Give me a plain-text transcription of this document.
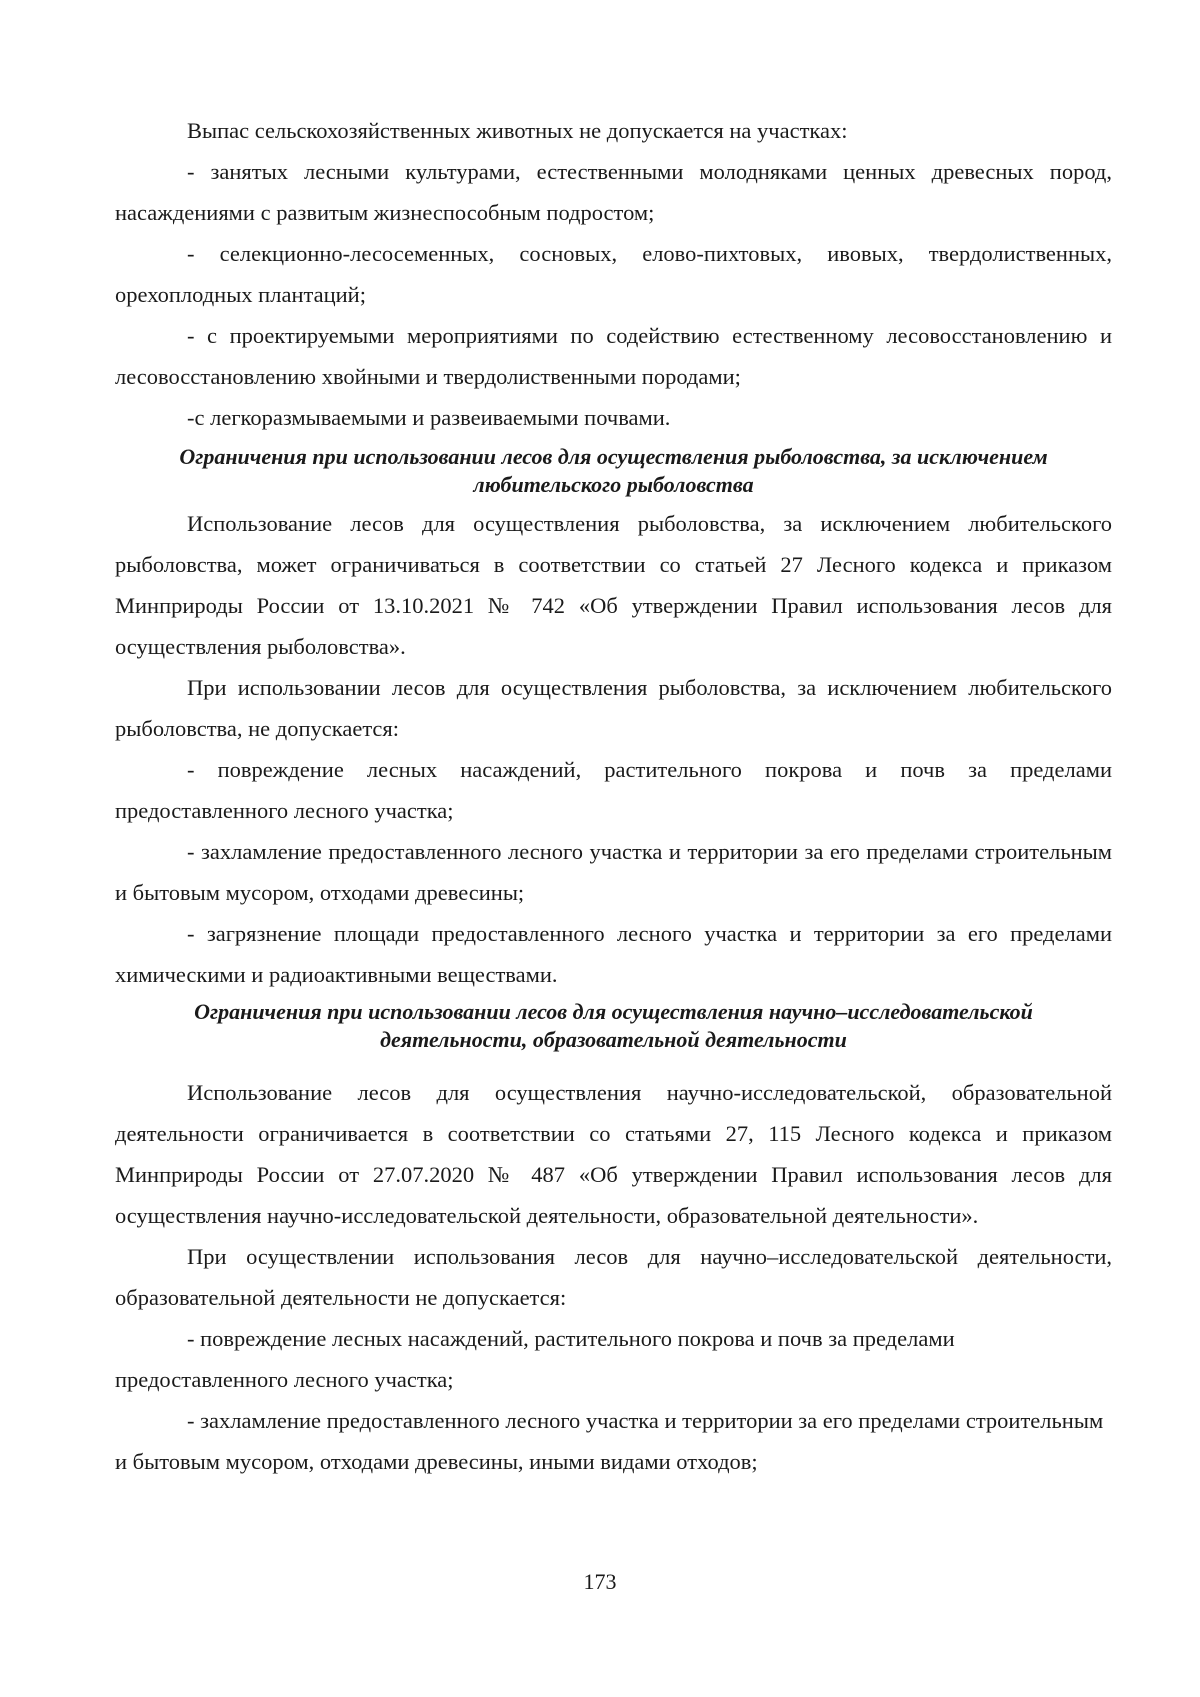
Выпас сельскохозяйственных животных не допускается на участках:

- занятых лесными культурами, естественными молодняками ценных древесных пород, насаждениями с развитым жизнеспособным подростом;

- селекционно-лесосеменных, сосновых, елово-пихтовых, ивовых, твердолиственных, орехоплодных плантаций;

- с проектируемыми мероприятиями по содействию естественному лесовосстановлению и лесовосстановлению хвойными и твердолиственными породами;

-с легкоразмываемыми и развеиваемыми почвами.

Ограничения при использовании лесов для осуществления рыболовства, за исключением любительского рыболовства

Использование лесов для осуществления рыболовства, за исключением любительского рыболовства, может ограничиваться в соответствии со статьей 27 Лесного кодекса и приказом Минприроды России от 13.10.2021 № 742 «Об утверждении Правил использования лесов для осуществления рыболовства».

При использовании лесов для осуществления рыболовства, за исключением любительского рыболовства, не допускается:

- повреждение лесных насаждений, растительного покрова и почв за пределами предоставленного лесного участка;

- захламление предоставленного лесного участка и территории за его пределами строительным и бытовым мусором, отходами древесины;

- загрязнение площади предоставленного лесного участка и территории за его пределами химическими и радиоактивными веществами.

Ограничения при использовании лесов для осуществления научно–исследовательской деятельности, образовательной деятельности

Использование лесов для осуществления научно-исследовательской, образовательной деятельности ограничивается в соответствии со статьями 27, 115 Лесного кодекса и приказом Минприроды России от 27.07.2020 № 487 «Об утверждении Правил использования лесов для осуществления научно-исследовательской деятельности, образовательной деятельности».

При осуществлении использования лесов для научно–исследовательской деятельности, образовательной деятельности не допускается:

- повреждение лесных насаждений, растительного покрова и почв за пределами предоставленного лесного участка;

- захламление предоставленного лесного участка и территории за его пределами строительным и бытовым мусором, отходами древесины, иными видами отходов;

173
